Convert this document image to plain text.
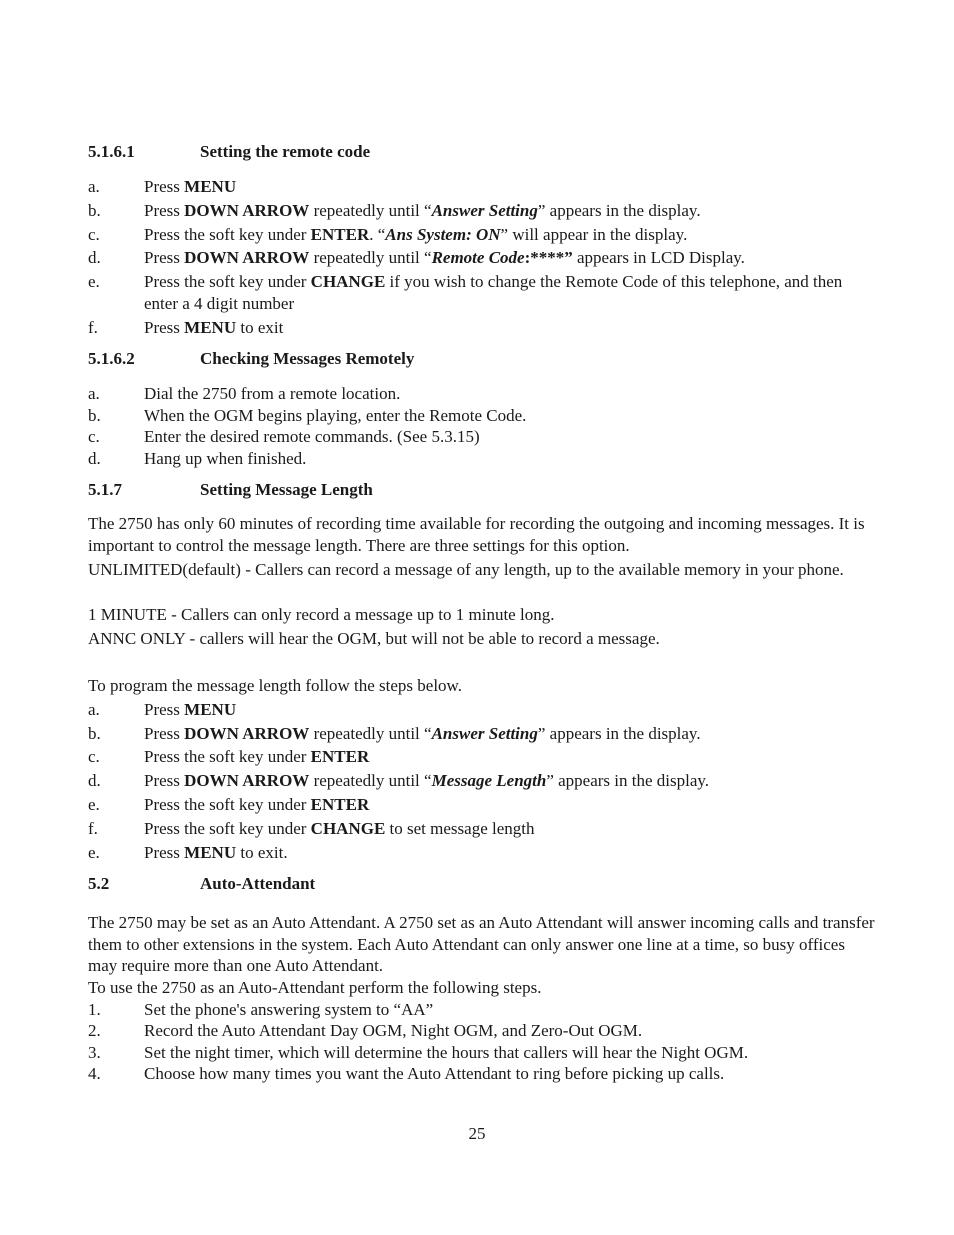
5.1.6.1	Setting the remote code
a.	Press MENU
b.	Press DOWN ARROW repeatedly until “Answer Setting” appears in the display.
c.	Press the soft key under ENTER. “Ans System: ON” will appear in the display.
d.	Press DOWN ARROW repeatedly until “Remote Code:****” appears in LCD Display.
e.	Press the soft key under CHANGE if you wish to change the Remote Code of this telephone, and then enter a 4 digit number
f.	Press MENU to exit
5.1.6.2	Checking Messages Remotely
a.	Dial the 2750 from a remote location.
b.	When the OGM begins playing, enter the Remote Code.
c.	Enter the desired remote commands. (See 5.3.15)
d.	Hang up when finished.
5.1.7	Setting Message Length
The 2750 has only 60 minutes of recording time available for recording the outgoing and incoming messages. It is important to control the message length. There are three settings for this option.
UNLIMITED(default) - Callers can record a message of any length, up to the available memory in your phone.
1 MINUTE - Callers can only record a message up to 1 minute long.
ANNC ONLY - callers will hear the OGM, but will not be able to record a message.
To program the message length follow the steps below.
a.	Press MENU
b.	Press DOWN ARROW repeatedly until “Answer Setting” appears in the display.
c.	Press the soft key under ENTER
d.	Press DOWN ARROW repeatedly until “Message Length” appears in the display.
e.	Press the soft key under ENTER
f.	Press the soft key under CHANGE to set message length
e.	Press MENU to exit.
5.2	Auto-Attendant
The 2750 may be set as an Auto Attendant. A 2750 set as an Auto Attendant will answer incoming calls and transfer them to other extensions in the system. Each Auto Attendant can only answer one line at a time, so busy offices may require more than one Auto Attendant.
To use the 2750 as an Auto-Attendant perform the following steps.
1.	Set the phone's answering system to “AA”
2.	Record the Auto Attendant Day OGM, Night OGM, and Zero-Out OGM.
3.	Set the night timer, which will determine the hours that callers will hear the Night OGM.
4.	Choose how many times you want the Auto Attendant to ring before picking up calls.
25
